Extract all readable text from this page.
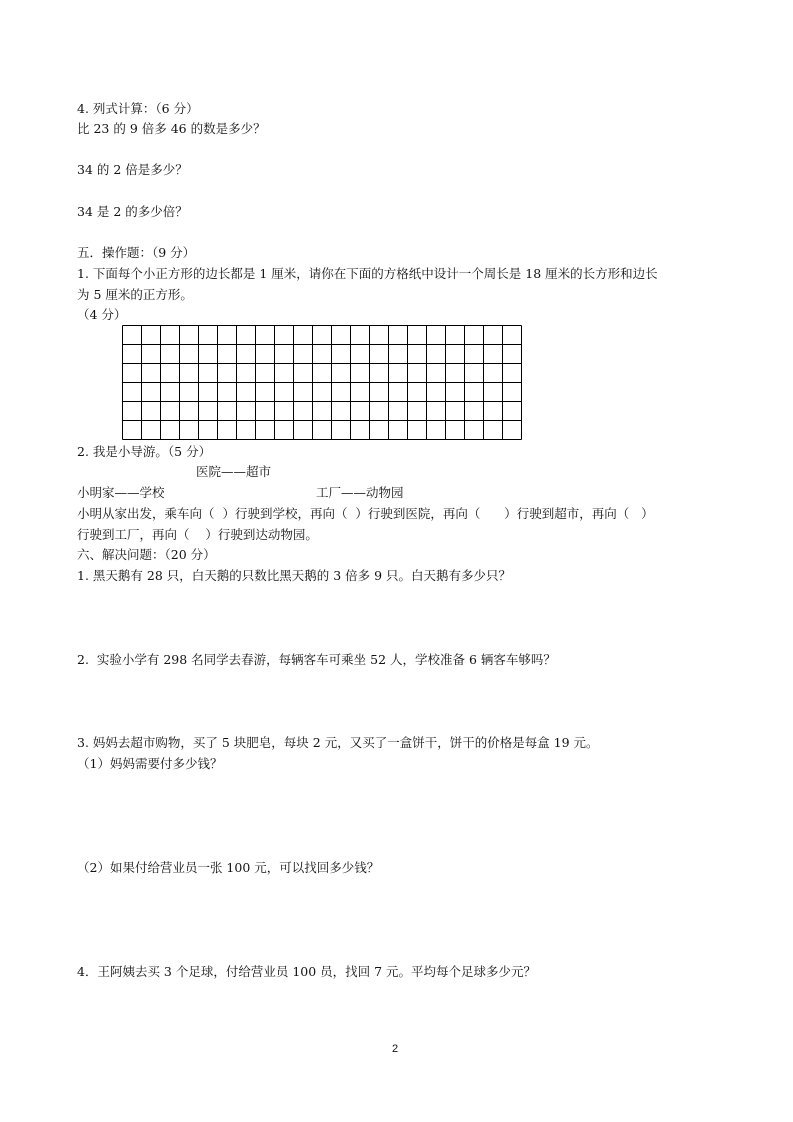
4. 列式计算：（6 分）
比 23 的 9 倍多 46 的数是多少？
34 的 2 倍是多少？
34 是 2 的多少倍？
五．操作题：（9 分）
1. 下面每个小正方形的边长都是 1 厘米，请你在下面的方格纸中设计一个周长是 18 厘米的长方形和边长
为 5 厘米的正方形。
（4 分）
2. 我是小导游。（5 分）
医院——超市
小明家——学校	工厂——动物园
小明从家出发，乘车向（  ）行驶到学校，再向（  ）行驶到医院，再向（      ）行驶到超市，再向（   ）
行驶到工厂，再向（    ）行驶到达动物园。
六、解决问题：（20 分）
1. 黑天鹅有 28 只，白天鹅的只数比黑天鹅的 3 倍多 9 只。白天鹅有多少只？
2.  实验小学有 298 名同学去春游，每辆客车可乘坐 52 人，学校准备 6 辆客车够吗？
3. 妈妈去超市购物，买了 5 块肥皂，每块 2 元，又买了一盒饼干，饼干的价格是每盒 19 元。
（1）妈妈需要付多少钱？
（2）如果付给营业员一张 100 元，可以找回多少钱？
4．王阿姨去买 3 个足球，付给营业员 100 员，找回 7 元。平均每个足球多少元？
2
